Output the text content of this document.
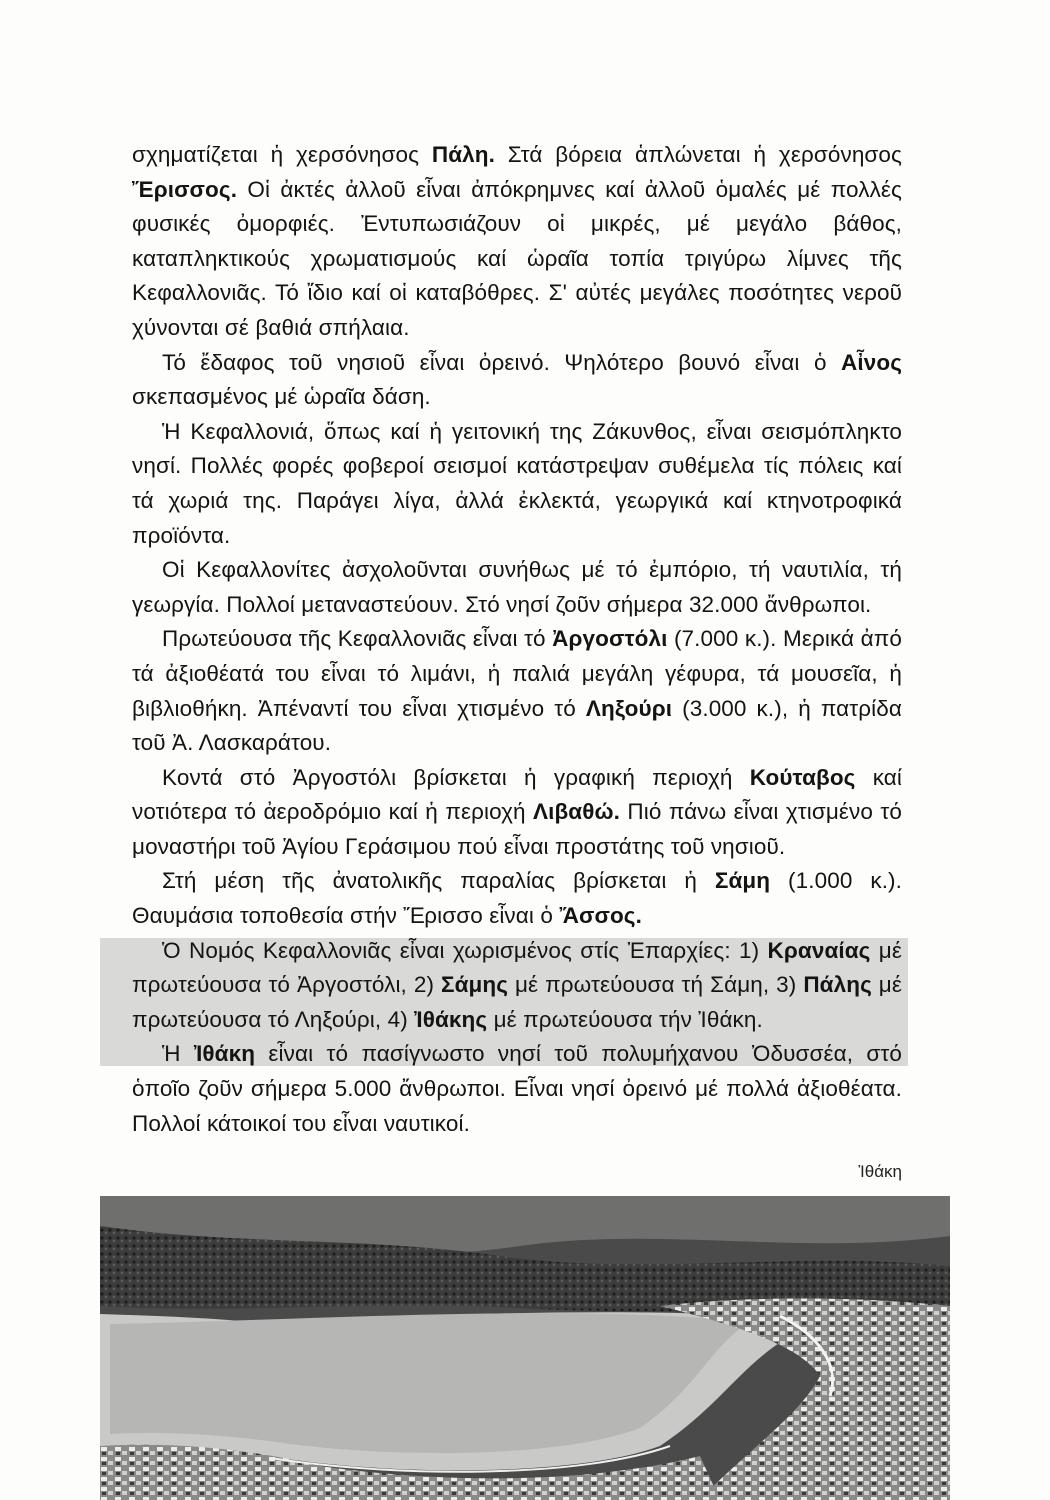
σχηματίζεται ἡ χερσόνησος Πάλη. Στά βόρεια ἁπλώνεται ἡ χερσόνησος Ἔρισσος. Οἱ ἀκτές ἀλλοῦ εἶναι ἀπόκρημνες καί ἀλλοῦ ὁμαλές μέ πολλές φυσικές ὀμορφιές. Ἐντυπωσιάζουν οἱ μικρές, μέ μεγάλο βάθος, καταπληκτικούς χρωματισμούς καί ὡραῖα τοπία τριγύρω λίμνες τῆς Κεφαλλονιᾶς. Τό ἴδιο καί οἱ καταβόθρες. Σ' αὐτές μεγάλες ποσότητες νεροῦ χύνονται σέ βαθιά σπήλαια.

Τό ἔδαφος τοῦ νησιοῦ εἶναι ὀρεινό. Ψηλότερο βουνό εἶναι ὁ Αἶνος σκεπασμένος μέ ὡραῖα δάση.

Ἡ Κεφαλλονιά, ὅπως καί ἡ γειτονική της Ζάκυνθος, εἶναι σεισμόπληκτο νησί. Πολλές φορές φοβεροί σεισμοί κατάστρεψαν συθέμελα τίς πόλεις καί τά χωριά της. Παράγει λίγα, ἀλλά ἐκλεκτά, γεωργικά καί κτηνοτροφικά προϊόντα.

Οἱ Κεφαλλονίτες ἀσχολοῦνται συνήθως μέ τό ἐμπόριο, τή ναυτιλία, τή γεωργία. Πολλοί μεταναστεύουν. Στό νησί ζοῦν σήμερα 32.000 ἄνθρωποι.

Πρωτεύουσα τῆς Κεφαλλονιᾶς εἶναι τό Ἀργοστόλι (7.000 κ.). Μερικά ἀπό τά ἀξιοθέατά του εἶναι τό λιμάνι, ἡ παλιά μεγάλη γέφυρα, τά μουσεῖα, ἡ βιβλιοθήκη. Ἀπέναντί του εἶναι χτισμένο τό Ληξούρι (3.000 κ.), ἡ πατρίδα τοῦ Ἀ. Λασκαράτου.

Κοντά στό Ἀργοστόλι βρίσκεται ἡ γραφική περιοχή Κούταβος καί νοτιότερα τό ἀεροδρόμιο καί ἡ περιοχή Λιβαθώ. Πιό πάνω εἶναι χτισμένο τό μοναστήρι τοῦ Ἁγίου Γεράσιμου πού εἶναι προστάτης τοῦ νησιοῦ.

Στή μέση τῆς ἀνατολικῆς παραλίας βρίσκεται ἡ Σάμη (1.000 κ.). Θαυμάσια τοποθεσία στήν Ἔρισσο εἶναι ὁ Ἄσσος.

Ὁ Νομός Κεφαλλονιᾶς εἶναι χωρισμένος στίς Ἐπαρχίες: 1) Κραναίας μέ πρωτεύουσα τό Ἀργοστόλι, 2) Σάμης μέ πρωτεύουσα τή Σάμη, 3) Πάλης μέ πρωτεύουσα τό Ληξούρι, 4) Ἰθάκης μέ πρωτεύουσα τήν Ἰθάκη.

Ἡ Ἰθάκη εἶναι τό πασίγνωστο νησί τοῦ πολυμήχανου Ὀδυσσέα, στό ὁποῖο ζοῦν σήμερα 5.000 ἄνθρωποι. Εἶναι νησί ὀρεινό μέ πολλά ἀξιοθέατα. Πολλοί κάτοικοί του εἶναι ναυτικοί.

Ἰθάκη
